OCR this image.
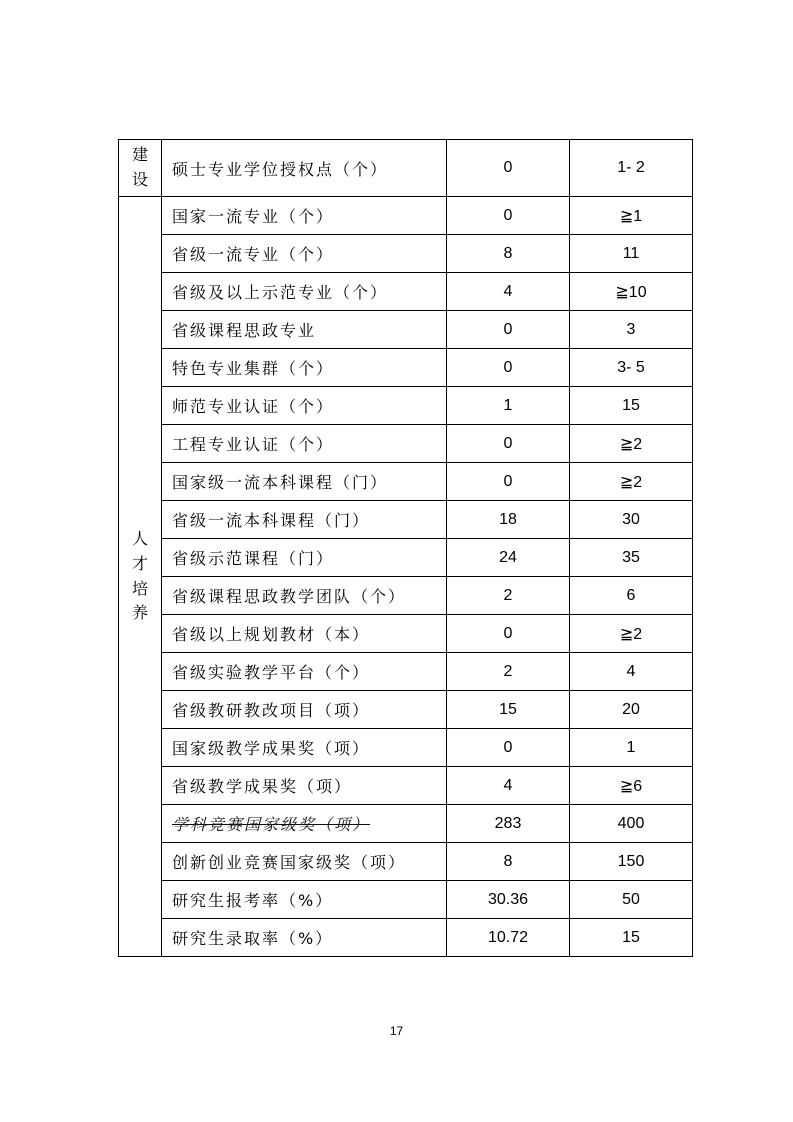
建
设	硕士专业学位授权点（个）	0	1- 2

人
才
培
养	国家一流专业（个）	0	≧1
	省级一流专业（个）	8	11
	省级及以上示范专业（个）	4	≧10
	省级课程思政专业	0	3
	特色专业集群（个）	0	3- 5
	师范专业认证（个）	1	15
	工程专业认证（个）	0	≧2
	国家级一流本科课程（门）	0	≧2
	省级一流本科课程（门）	18	30
	省级示范课程（门）	24	35
	省级课程思政教学团队（个）	2	6
	省级以上规划教材（本）	0	≧2
	省级实验教学平台（个）	2	4
	省级教研教改项目（项）	15	20
	国家级教学成果奖（项）	0	1
	省级教学成果奖（项）	4	≧6
	学科竞赛国家级奖（项）	283	400
	创新创业竞赛国家级奖（项）	8	150
	研究生报考率（%）	30.36	50
	研究生录取率（%）	10.72	15
17
